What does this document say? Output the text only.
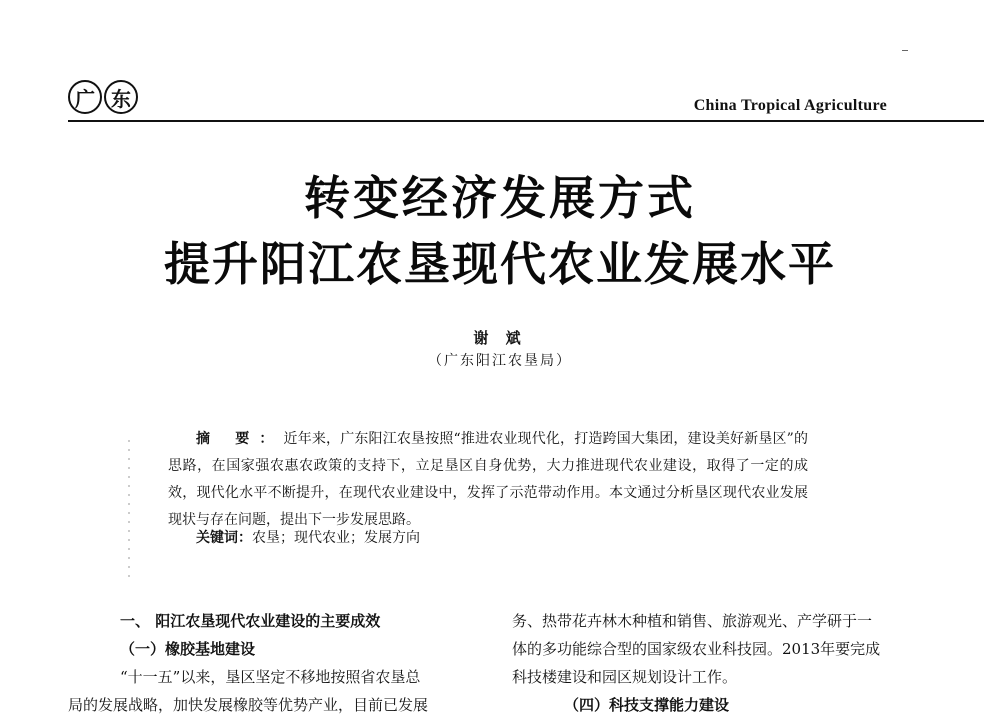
广 东	China Tropical Agriculture
转变经济发展方式
提升阳江农垦现代农业发展水平
谢 斌
（广东阳江农垦局）
摘 要：近年来，广东阳江农垦按照“推进农业现代化，打造跨国大集团，建设美好新垦区”的思路，在国家强农惠农政策的支持下，立足垦区自身优势，大力推进现代农业建设，取得了一定的成效，现代化水平不断提升，在现代农业建设中，发挥了示范带动作用。本文通过分析垦区现代农业发展现状与存在问题，提出下一步发展思路。
关键词：农垦；现代农业；发展方向
一、 阳江农垦现代农业建设的主要成效
（一）橡胶基地建设
“十一五”以来，垦区坚定不移地按照省农垦总
局的发展战略，加快发展橡胶等优势产业，目前已发展
务、热带花卉林木种植和销售、旅游观光、产学研于一
体的多功能综合型的国家级农业科技园。2013年要完成
科技楼建设和园区规划设计工作。
（四）科技支撑能力建设
